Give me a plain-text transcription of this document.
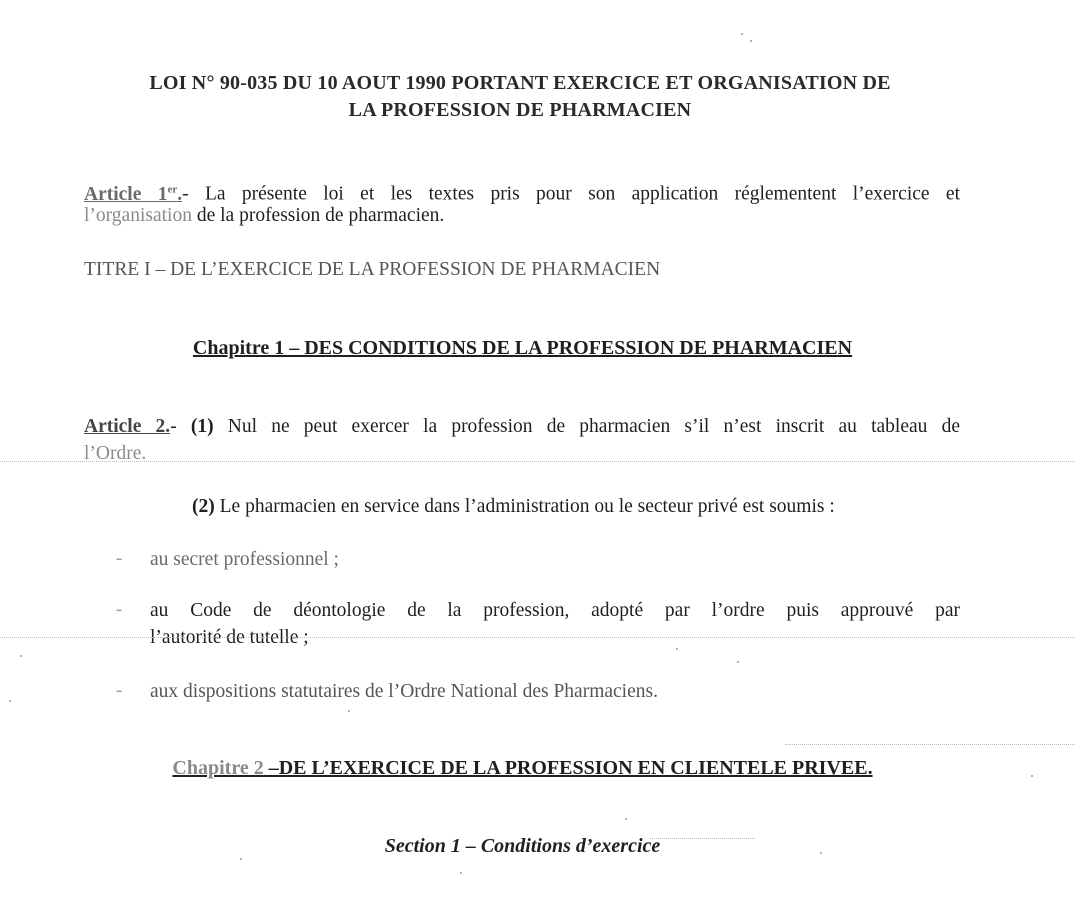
LOI N° 90-035 DU 10 AOUT 1990 PORTANT EXERCICE ET ORGANISATION DE
LA PROFESSION DE PHARMACIEN
Article 1er.- La présente loi et les textes pris pour son application réglementent l’exercice et
l’organisation de la profession de pharmacien.
TITRE I – DE L’EXERCICE DE LA PROFESSION DE PHARMACIEN
Chapitre 1 – DES CONDITIONS DE LA PROFESSION DE PHARMACIEN
Article 2.- (1) Nul ne peut exercer la profession de pharmacien s’il n’est inscrit au tableau de
l’Ordre.
(2) Le pharmacien en service dans l’administration ou le secteur privé est soumis :
- au secret professionnel ;
- au Code de déontologie de la profession, adopté par l’ordre puis approuvé par
l’autorité de tutelle ;
- aux dispositions statutaires de l’Ordre National des Pharmaciens.
Chapitre 2 –DE L’EXERCICE DE LA PROFESSION EN CLIENTELE PRIVEE.
Section 1 – Conditions d’exercice
